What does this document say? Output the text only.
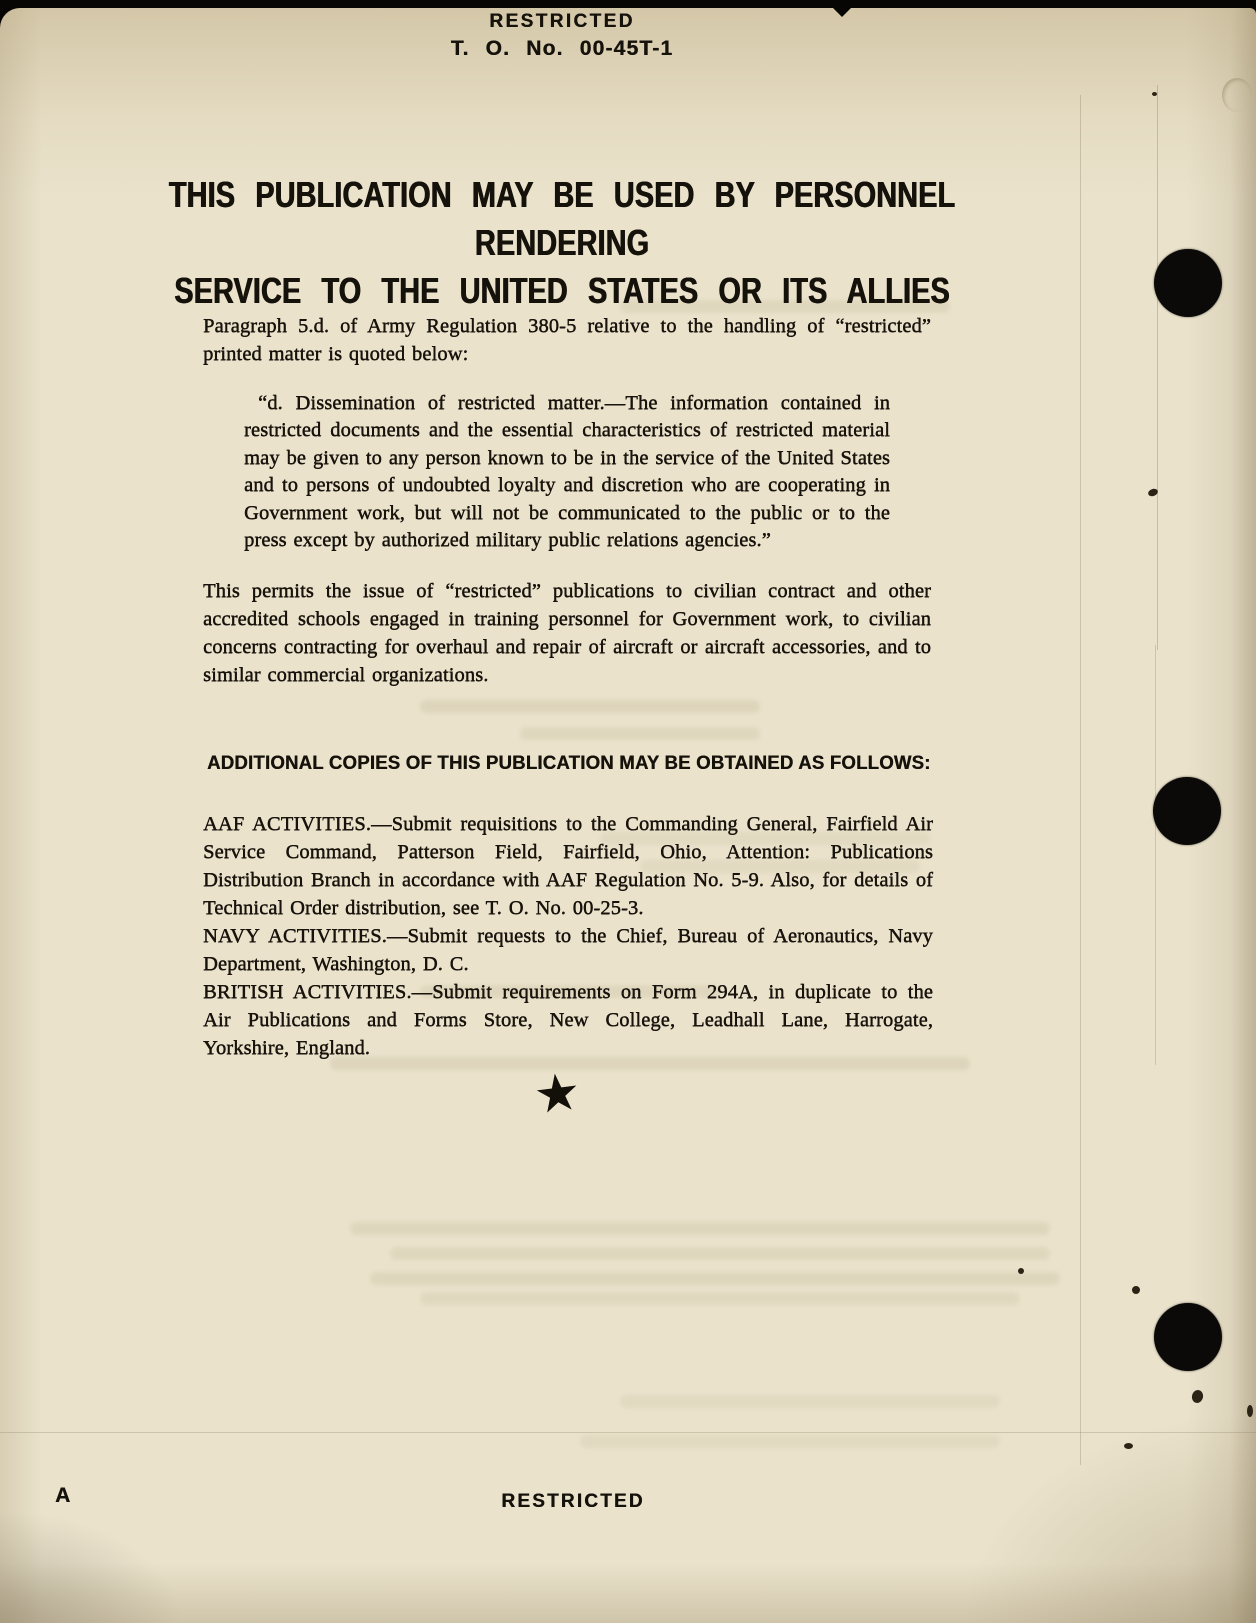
RESTRICTED
T. O. No. 00-45T-1
THIS PUBLICATION MAY BE USED BY PERSONNEL RENDERING
SERVICE TO THE UNITED STATES OR ITS ALLIES

Paragraph 5.d. of Army Regulation 380-5 relative to the handling of “restricted” printed matter is quoted below:

“d. Dissemination of restricted matter.—The information contained in restricted documents and the essential characteristics of restricted material may be given to any person known to be in the service of the United States and to persons of undoubted loyalty and discretion who are cooperating in Government work, but will not be communicated to the public or to the press except by authorized military public relations agencies.”

This permits the issue of “restricted” publications to civilian contract and other accredited schools engaged in training personnel for Government work, to civilian concerns contracting for overhaul and repair of aircraft or aircraft accessories, and to similar commercial organizations.

ADDITIONAL COPIES OF THIS PUBLICATION MAY BE OBTAINED AS FOLLOWS:

AAF ACTIVITIES.—Submit requisitions to the Commanding General, Fairfield Air Service Command, Patterson Field, Fairfield, Ohio, Attention: Publications Distribution Branch in accordance with AAF Regulation No. 5-9. Also, for details of Technical Order distribution, see T. O. No. 00-25-3.

NAVY ACTIVITIES.—Submit requests to the Chief, Bureau of Aeronautics, Navy Department, Washington, D. C.

BRITISH ACTIVITIES.—Submit requirements on Form 294A, in duplicate to the Air Publications and Forms Store, New College, Leadhall Lane, Harrogate, Yorkshire, England.

★
A	RESTRICTED
